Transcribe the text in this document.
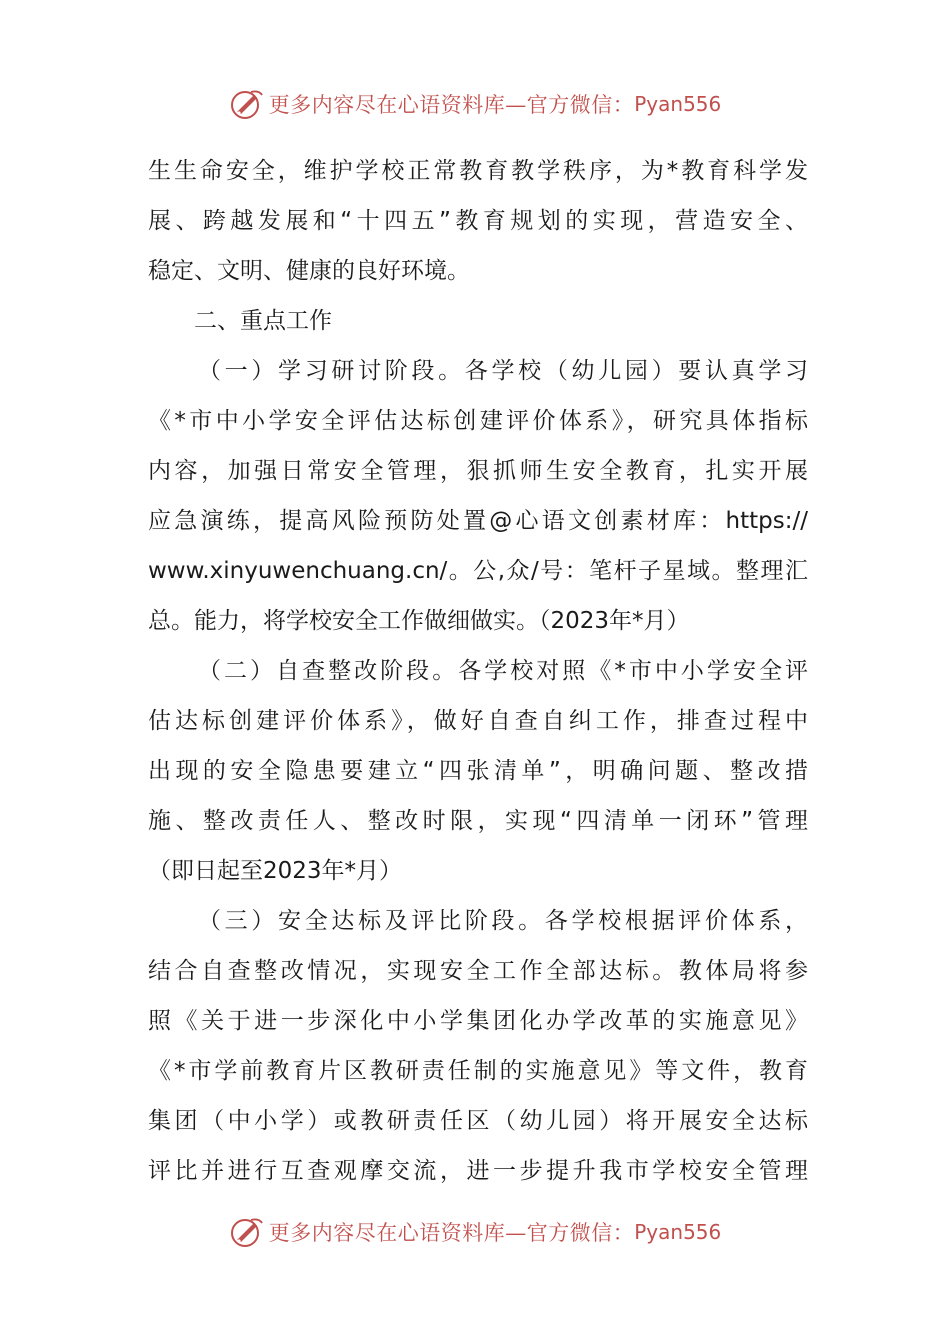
更多内容尽在心语资料库—官方微信： Pyan556
生生命安全，维护学校正常教育教学秩序，为*教育科学发
展、跨越发展和“十四五”教育规划的实现，营造安全、
稳定、文明、健康的良好环境。
二、重点工作
（一）学习研讨阶段。各学校（幼儿园）要认真学习
《*市中小学安全评估达标创建评价体系》，研究具体指标
内容，加强日常安全管理，狠抓师生安全教育，扎实开展
应急演练，提高风险预防处置@心语文创素材库：https://
www.xinyuwenchuang.cn/。公,众/号：笔杆子星域。整理汇
总。能力，将学校安全工作做细做实。（2023年*月）
（二）自查整改阶段。各学校对照《*市中小学安全评
估达标创建评价体系》，做好自查自纠工作，排查过程中
出现的安全隐患要建立“四张清单”，明确问题、整改措
施、整改责任人、整改时限，实现“四清单一闭环”管理
（即日起至2023年*月）
（三）安全达标及评比阶段。各学校根据评价体系，
结合自查整改情况，实现安全工作全部达标。教体局将参
照《关于进一步深化中小学集团化办学改革的实施意见》
《*市学前教育片区教研责任制的实施意见》等文件，教育
集团（中小学）或教研责任区（幼儿园）将开展安全达标
评比并进行互查观摩交流，进一步提升我市学校安全管理
更多内容尽在心语资料库—官方微信： Pyan556
